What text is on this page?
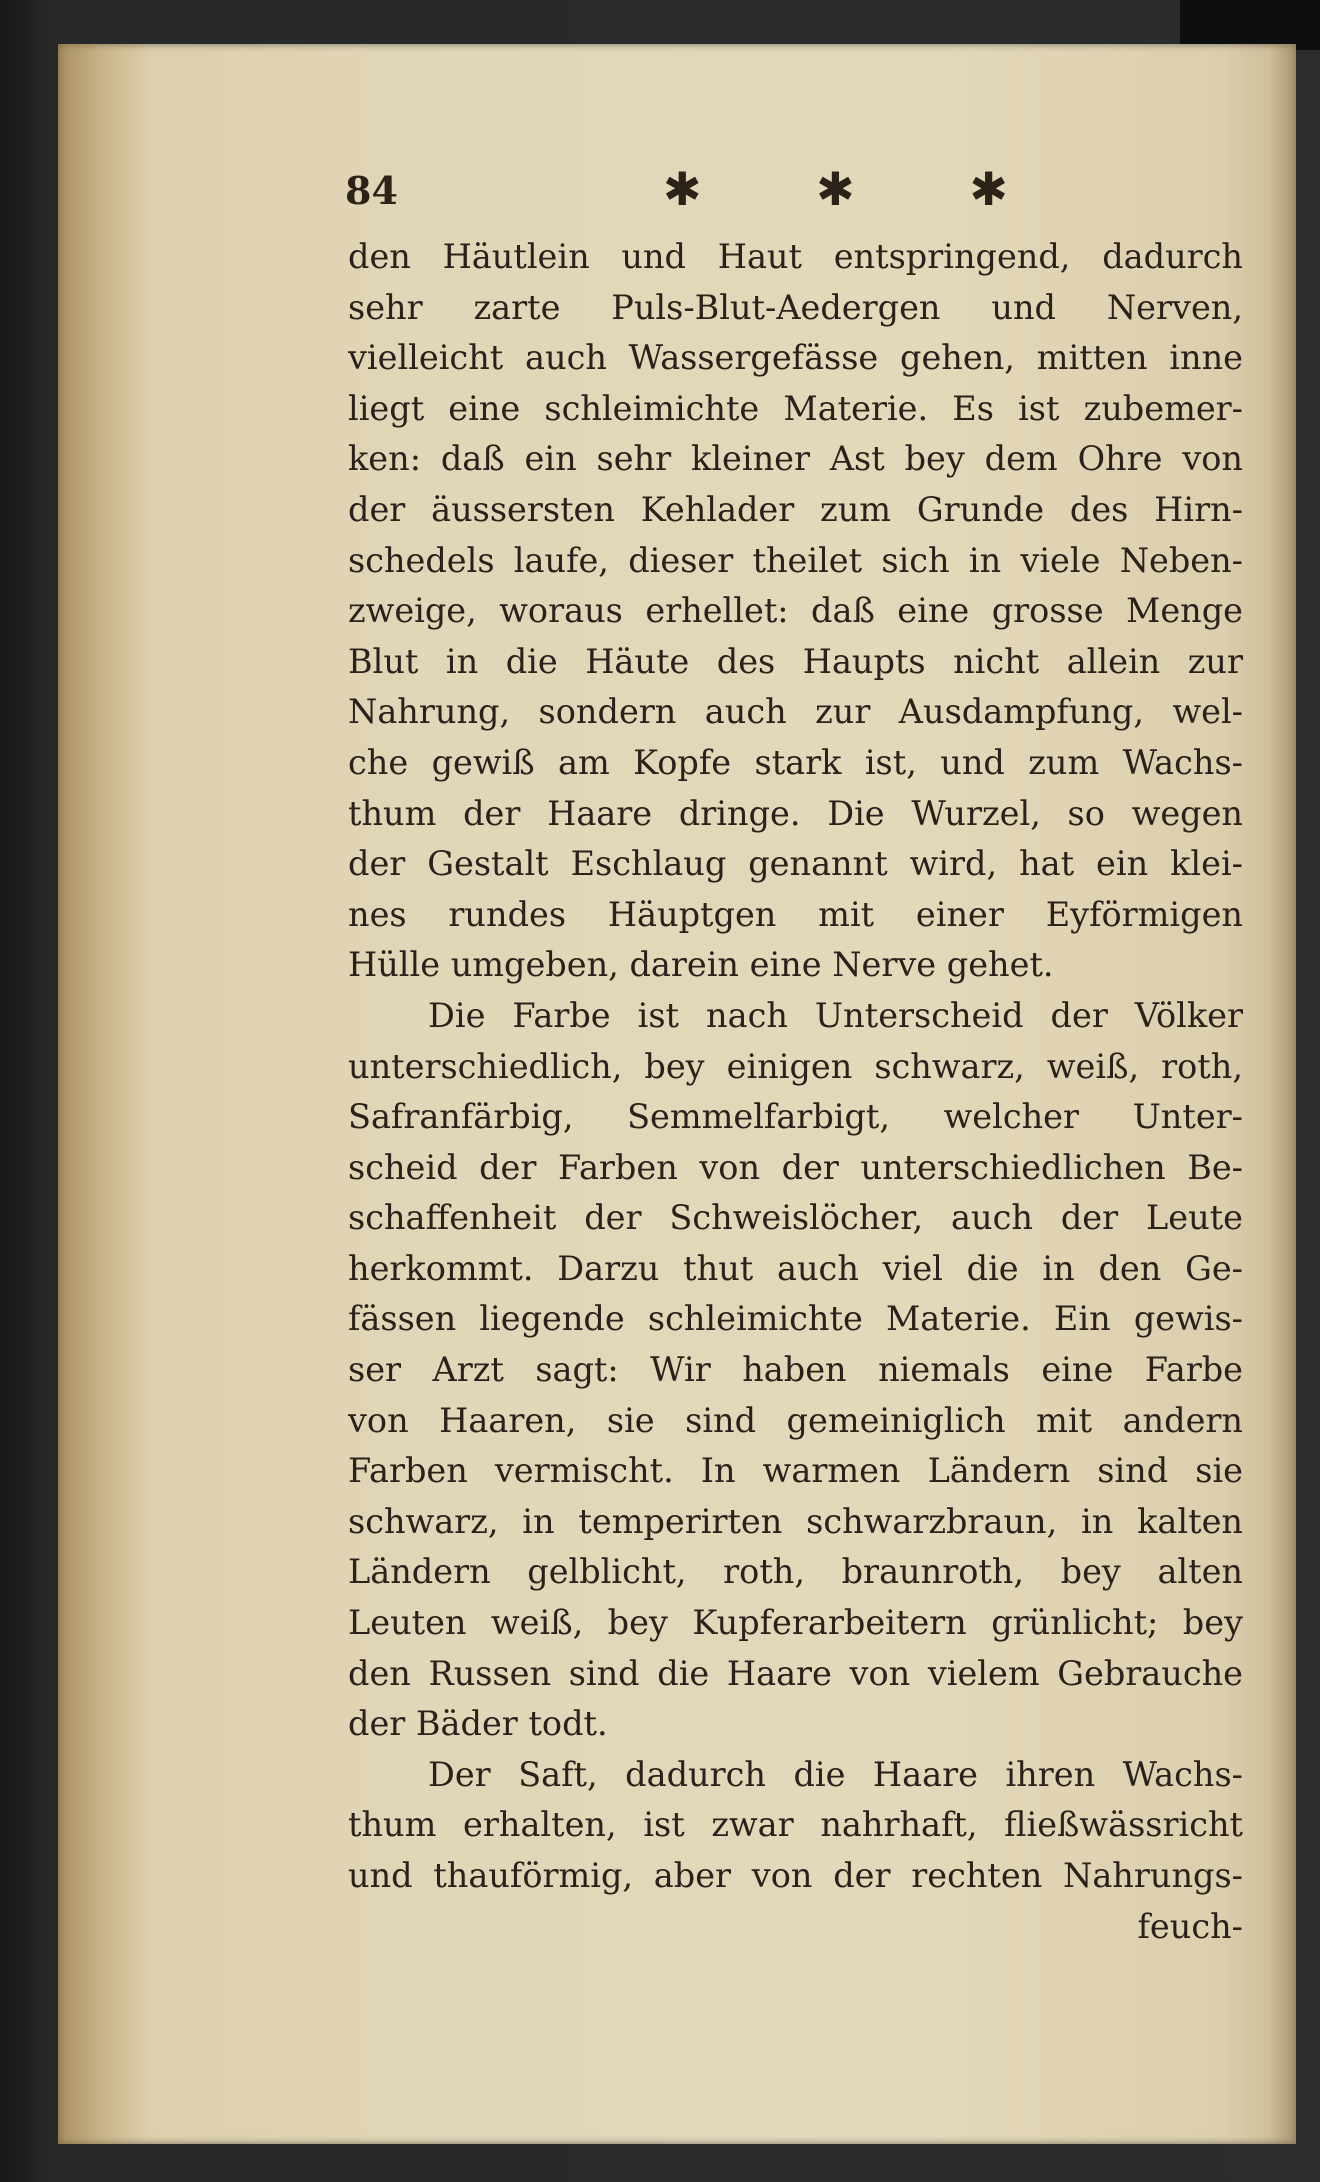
84	✱ ✱ ✱
den Häutlein und Haut entspringend, dadurch
sehr zarte Puls-Blut-Aedergen und Nerven,
vielleicht auch Wassergefässe gehen, mitten inne
liegt eine schleimichte Materie. Es ist zubemer-
ken: daß ein sehr kleiner Ast bey dem Ohre von
der äussersten Kehlader zum Grunde des Hirn-
schedels laufe, dieser theilet sich in viele Neben-
zweige, woraus erhellet: daß eine grosse Menge
Blut in die Häute des Haupts nicht allein zur
Nahrung, sondern auch zur Ausdampfung, wel-
che gewiß am Kopfe stark ist, und zum Wachs-
thum der Haare dringe. Die Wurzel, so wegen
der Gestalt Eschlaug genannt wird, hat ein klei-
nes rundes Häuptgen mit einer Eyförmigen
Hülle umgeben, darein eine Nerve gehet.
Die Farbe ist nach Unterscheid der Völker
unterschiedlich, bey einigen schwarz, weiß, roth,
Safranfärbig, Semmelfarbigt, welcher Unter-
scheid der Farben von der unterschiedlichen Be-
schaffenheit der Schweislöcher, auch der Leute
herkommt. Darzu thut auch viel die in den Ge-
fässen liegende schleimichte Materie. Ein gewis-
ser Arzt sagt: Wir haben niemals eine Farbe
von Haaren, sie sind gemeiniglich mit andern
Farben vermischt. In warmen Ländern sind sie
schwarz, in temperirten schwarzbraun, in kalten
Ländern gelblicht, roth, braunroth, bey alten
Leuten weiß, bey Kupferarbeitern grünlicht; bey
den Russen sind die Haare von vielem Gebrauche
der Bäder todt.
Der Saft, dadurch die Haare ihren Wachs-
thum erhalten, ist zwar nahrhaft, fließwässricht
und thauförmig, aber von der rechten Nahrungs-
feuch-
